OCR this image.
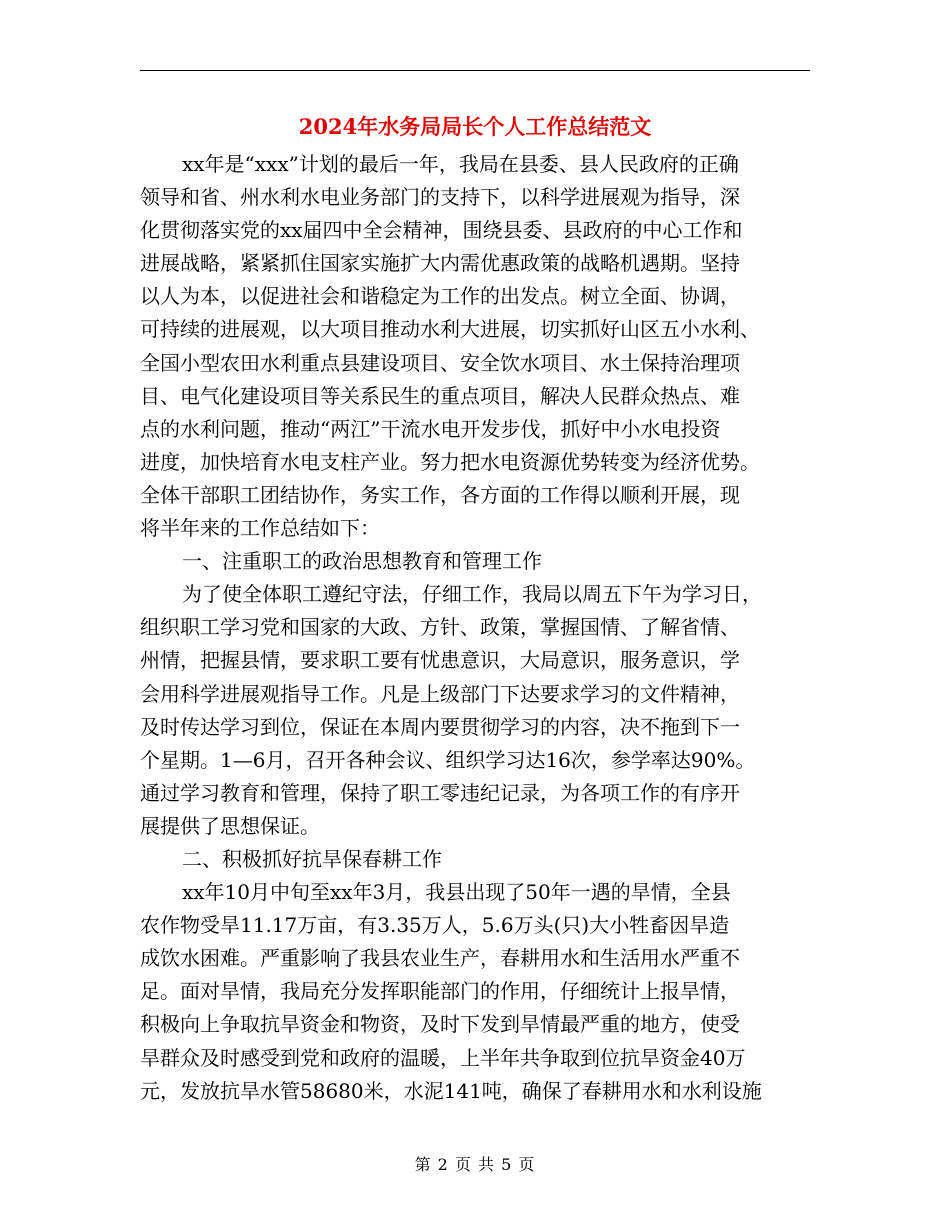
2024年水务局局长个人工作总结范文
xx年是“xxx”计划的最后一年，我局在县委、县人民政府的正确
领导和省、州水利水电业务部门的支持下，以科学进展观为指导，深
化贯彻落实党的xx届四中全会精神，围绕县委、县政府的中心工作和
进展战略，紧紧抓住国家实施扩大内需优惠政策的战略机遇期。坚持
以人为本，以促进社会和谐稳定为工作的出发点。树立全面、协调，
可持续的进展观，以大项目推动水利大进展，切实抓好山区五小水利、
全国小型农田水利重点县建设项目、安全饮水项目、水土保持治理项
目、电气化建设项目等关系民生的重点项目，解决人民群众热点、难
点的水利问题，推动“两江”干流水电开发步伐，抓好中小水电投资
进度，加快培育水电支柱产业。努力把水电资源优势转变为经济优势。
全体干部职工团结协作，务实工作，各方面的工作得以顺利开展，现
将半年来的工作总结如下：
一、注重职工的政治思想教育和管理工作
为了使全体职工遵纪守法，仔细工作，我局以周五下午为学习日，
组织职工学习党和国家的大政、方针、政策，掌握国情、了解省情、
州情，把握县情，要求职工要有忧患意识，大局意识，服务意识，学
会用科学进展观指导工作。凡是上级部门下达要求学习的文件精神，
及时传达学习到位，保证在本周内要贯彻学习的内容，决不拖到下一
个星期。1—6月，召开各种会议、组织学习达16次，参学率达90%。
通过学习教育和管理，保持了职工零违纪记录，为各项工作的有序开
展提供了思想保证。
二、积极抓好抗旱保春耕工作
xx年10月中旬至xx年3月，我县出现了50年一遇的旱情，全县
农作物受旱11.17万亩，有3.35万人，5.6万头(只)大小牲畜因旱造
成饮水困难。严重影响了我县农业生产，春耕用水和生活用水严重不
足。面对旱情，我局充分发挥职能部门的作用，仔细统计上报旱情，
积极向上争取抗旱资金和物资，及时下发到旱情最严重的地方，使受
旱群众及时感受到党和政府的温暖，上半年共争取到位抗旱资金40万
元，发放抗旱水管58680米，水泥141吨，确保了春耕用水和水利设施
第 2 页 共 5 页
